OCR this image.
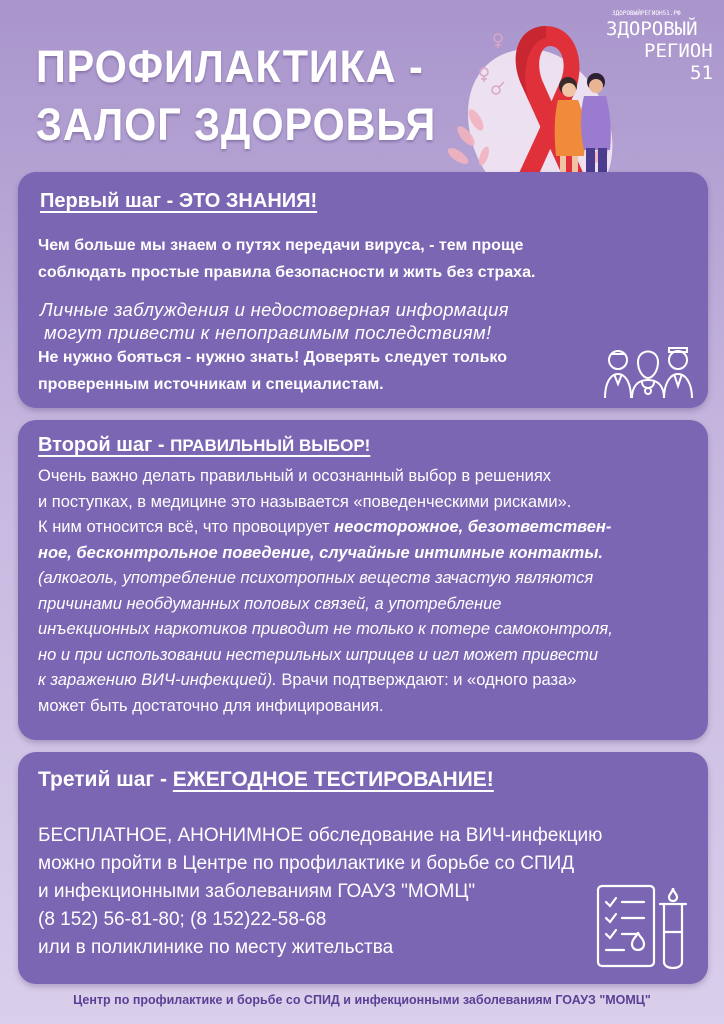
ПРОФИЛАКТИКА -
ЗАЛОГ ЗДОРОВЬЯ
ЗДОРОВЫЙРЕГИОН51.РФ
ЗДОРОВЫЙ
РЕГИОН
51
Первый шаг - ЭТО ЗНАНИЯ!
Чем больше мы знаем о путях передачи вируса, - тем проще
соблюдать простые правила безопасности и жить без страха.
Личные заблуждения и недостоверная информация
могут привести к непоправимым последствиям!
Не нужно бояться - нужно знать! Доверять следует только
проверенным источникам и специалистам.
Второй шаг - ПРАВИЛЬНЫЙ ВЫБОР!
Очень важно делать правильный и осознанный выбор в решениях
и поступках, в медицине это называется «поведенческими рисками».
К ним относится всё, что провоцирует неосторожное, безответствен-
ное, бесконтрольное поведение, случайные интимные контакты.
(алкоголь, употребление психотропных веществ зачастую являются
причинами необдуманных половых связей, а употребление
инъекционных наркотиков приводит не только к потере самоконтроля,
но и при использовании нестерильных шприцев и игл может привести
к заражению ВИЧ-инфекцией). Врачи подтверждают: и «одного раза»
может быть достаточно для инфицирования.
Третий шаг - ЕЖЕГОДНОЕ ТЕСТИРОВАНИЕ!
БЕСПЛАТНОЕ, АНОНИМНОЕ обследование на ВИЧ-инфекцию
можно пройти в Центре по профилактике и борьбе со СПИД
и инфекционными заболеваниям ГОАУЗ "МОМЦ"
(8 152) 56-81-80; (8 152)22-58-68
или в поликлинике по месту жительства
Центр по профилактике и борьбе со СПИД и инфекционными заболеваниям ГОАУЗ "МОМЦ"
